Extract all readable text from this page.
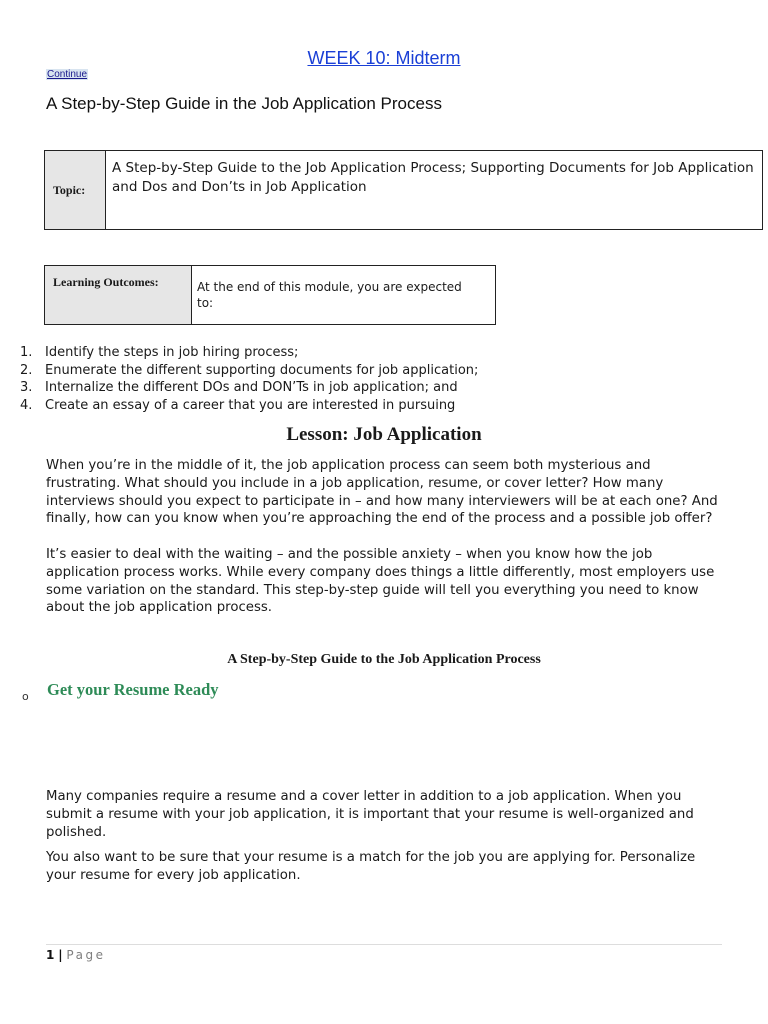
WEEK 10: Midterm
Continue
A Step-by-Step Guide in the Job Application Process
Topic:	A Step-by-Step Guide to the Job Application Process; Supporting Documents for Job Application and Dos and Don’ts in Job Application
Learning Outcomes:	At the end of this module, you are expected to:
1. Identify the steps in job hiring process;
2. Enumerate the different supporting documents for job application;
3. Internalize the different DOs and DON’Ts in job application; and
4. Create an essay of a career that you are interested in pursuing
Lesson: Job Application

When you’re in the middle of it, the job application process can seem both mysterious and frustrating. What should you include in a job application, resume, or cover letter? How many interviews should you expect to participate in – and how many interviewers will be at each one? And finally, how can you know when you’re approaching the end of the process and a possible job offer?

It’s easier to deal with the waiting – and the possible anxiety – when you know how the job application process works. While every company does things a little differently, most employers use some variation on the standard. This step-by-step guide will tell you everything you need to know about the job application process.

A Step-by-Step Guide to the Job Application Process
o Get your Resume Ready

Many companies require a resume and a cover letter in addition to a job application. When you submit a resume with your job application, it is important that your resume is well-organized and polished.

You also want to be sure that your resume is a match for the job you are applying for. Personalize your resume for every job application.

1 | Page
